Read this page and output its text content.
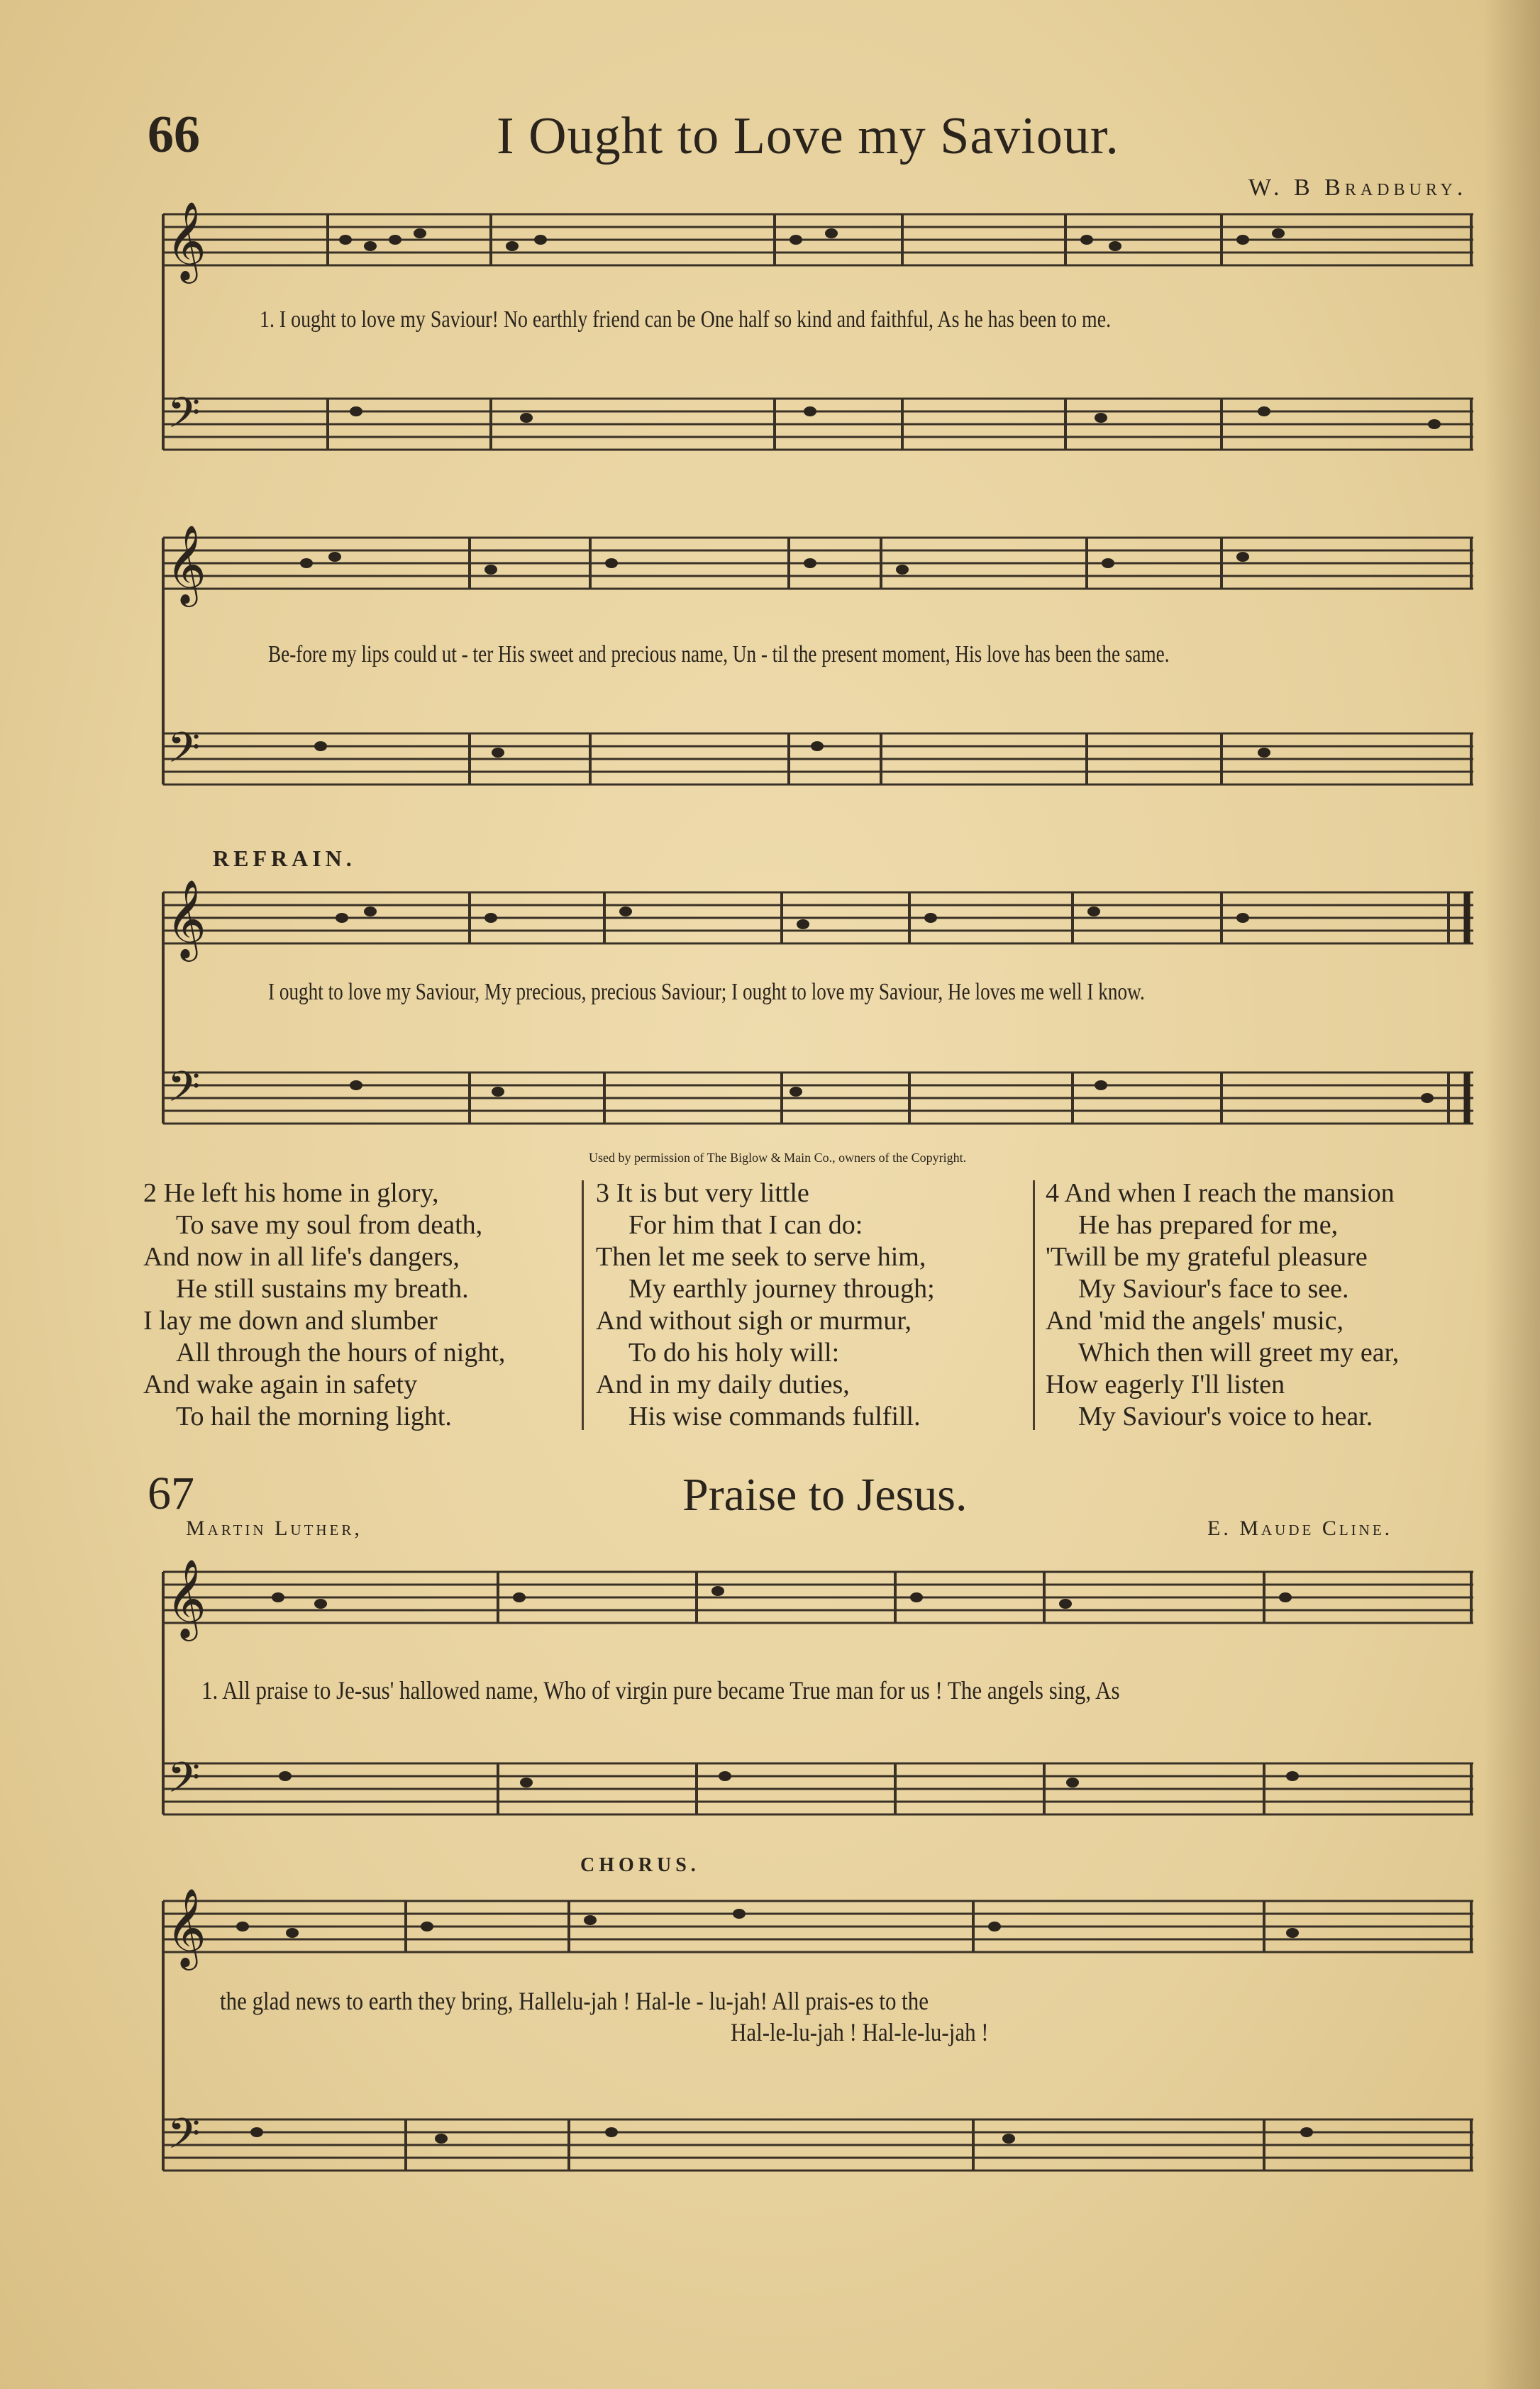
66	I Ought to Love my Saviour.
W. B Bradbury.
𝄞
𝄢
1. I ought to love my Saviour! No earthly friend can be One half so kind and faithful, As he has been to me.
𝄞
𝄢
Be-fore my lips could ut - ter His sweet and precious name, Un - til the present moment, His love has been the same.
REFRAIN.
𝄞
𝄢
I ought to love my Saviour, My precious, precious Saviour; I ought to love my Saviour, He loves me well I know.
Used by permission of The Biglow & Main Co., owners of the Copyright.
2 He left his home in glory,
To save my soul from death,
And now in all life's dangers,
He still sustains my breath.
I lay me down and slumber
All through the hours of night,
And wake again in safety
To hail the morning light.
3 It is but very little
For him that I can do:
Then let me seek to serve him,
My earthly journey through;
And without sigh or murmur,
To do his holy will:
And in my daily duties,
His wise commands fulfill.
4 And when I reach the mansion
He has prepared for me,
'Twill be my grateful pleasure
My Saviour's face to see.
And 'mid the angels' music,
Which then will greet my ear,
How eagerly I'll listen
My Saviour's voice to hear.
67	Praise to Jesus.
Martin Luther,	E. Maude Cline.
𝄞
𝄢
1. All praise to Je-sus' hallowed name, Who of virgin pure became True man for us ! The angels sing, As
CHORUS.
𝄞
𝄢
the glad news to earth they bring, Hallelu-jah ! Hal-le - lu-jah! All prais-es to the
Hal-le-lu-jah ! Hal-le-lu-jah !
